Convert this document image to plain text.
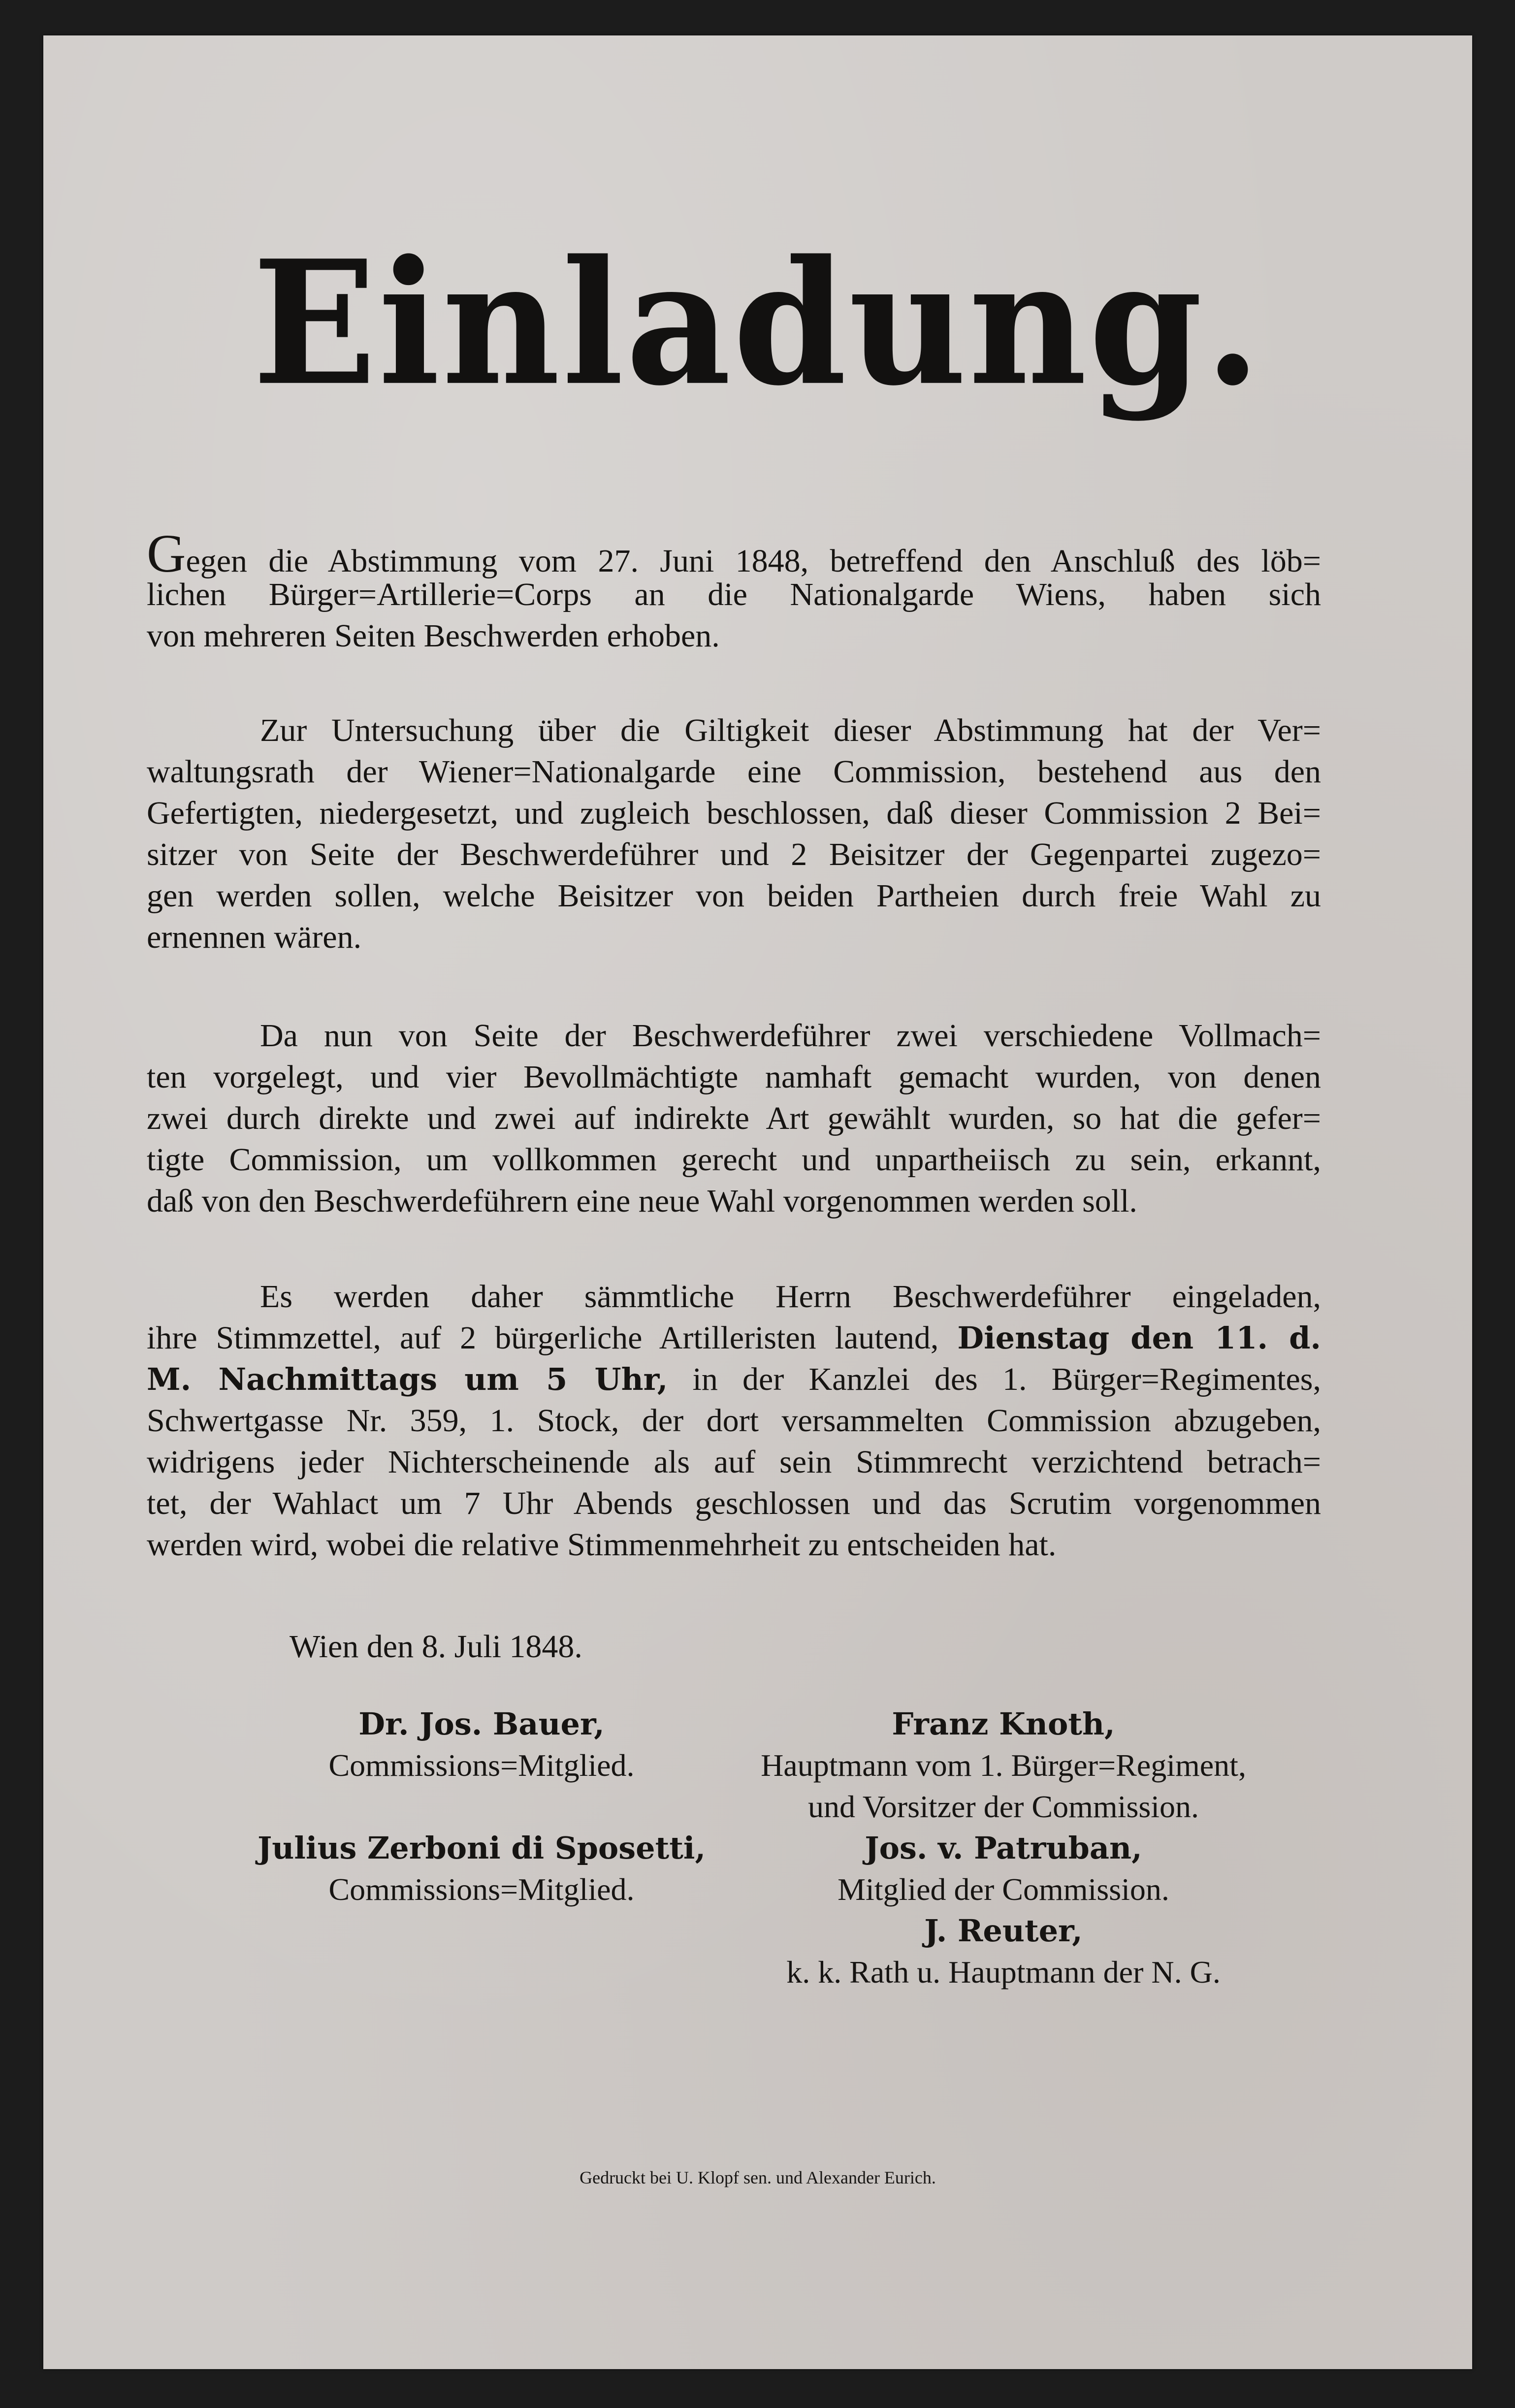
Einladung.
Gegen die Abstimmung vom 27. Juni 1848, betreffend den Anschluß des löb=
lichen Bürger=Artillerie=Corps an die Nationalgarde Wiens, haben sich
von mehreren Seiten Beschwerden erhoben.
Zur Untersuchung über die Giltigkeit dieser Abstimmung hat der Ver=
waltungsrath der Wiener=Nationalgarde eine Commission, bestehend aus den
Gefertigten, niedergesetzt, und zugleich beschlossen, daß dieser Commission 2 Bei=
sitzer von Seite der Beschwerdeführer und 2 Beisitzer der Gegenpartei zugezo=
gen werden sollen, welche Beisitzer von beiden Partheien durch freie Wahl zu
ernennen wären.
Da nun von Seite der Beschwerdeführer zwei verschiedene Vollmach=
ten vorgelegt, und vier Bevollmächtigte namhaft gemacht wurden, von denen
zwei durch direkte und zwei auf indirekte Art gewählt wurden, so hat die gefer=
tigte Commission, um vollkommen gerecht und unpartheiisch zu sein, erkannt,
daß von den Beschwerdeführern eine neue Wahl vorgenommen werden soll.
Es werden daher sämmtliche Herrn Beschwerdeführer eingeladen,
ihre Stimmzettel, auf 2 bürgerliche Artilleristen lautend, Dienstag den 11. d.
M. Nachmittags um 5 Uhr, in der Kanzlei des 1. Bürger=Regimentes,
Schwertgasse Nr. 359, 1. Stock, der dort versammelten Commission abzugeben,
widrigens jeder Nichterscheinende als auf sein Stimmrecht verzichtend betrach=
tet, der Wahlact um 7 Uhr Abends geschlossen und das Scrutim vorgenommen
werden wird, wobei die relative Stimmenmehrheit zu entscheiden hat.
Wien den 8. Juli 1848.
Dr. Jos. Bauer,
Commissions=Mitglied.
Julius Zerboni di Sposetti,
Commissions=Mitglied.
Franz Knoth,
Hauptmann vom 1. Bürger=Regiment,
und Vorsitzer der Commission.
Jos. v. Patruban,
Mitglied der Commission.
J. Reuter,
k. k. Rath u. Hauptmann der N. G.
Gedruckt bei U. Klopf sen. und Alexander Eurich.
